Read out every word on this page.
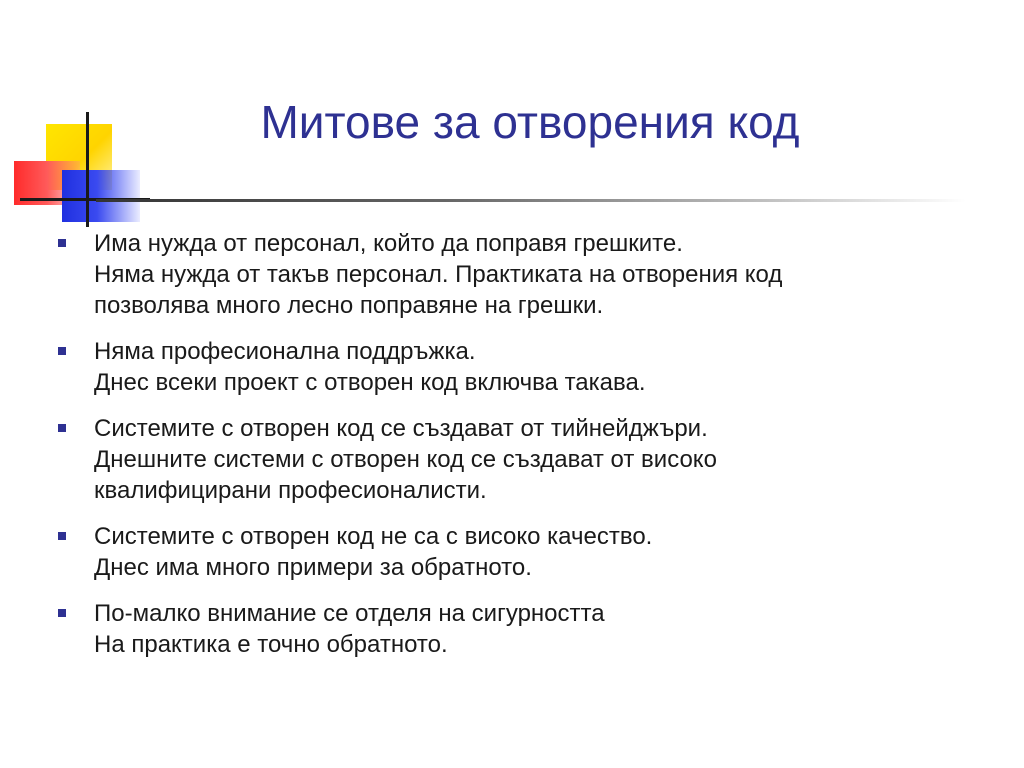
Митове за отворения код
Има нужда от персонал, който да поправя грешките.
Няма нужда от такъв персонал. Практиката на отворения код
позволява много лесно поправяне на грешки.
Няма професионална поддръжка.
Днес всеки проект с отворен код включва такава.
Системите с отворен код се създават от тийнейджъри.
Днешните системи с отворен код се създават от високо
квалифицирани професионалисти.
Системите с отворен код не са с високо качество.
Днес има много примери за обратното.
По-малко внимание се отделя на сигурността
На практика е точно обратното.
